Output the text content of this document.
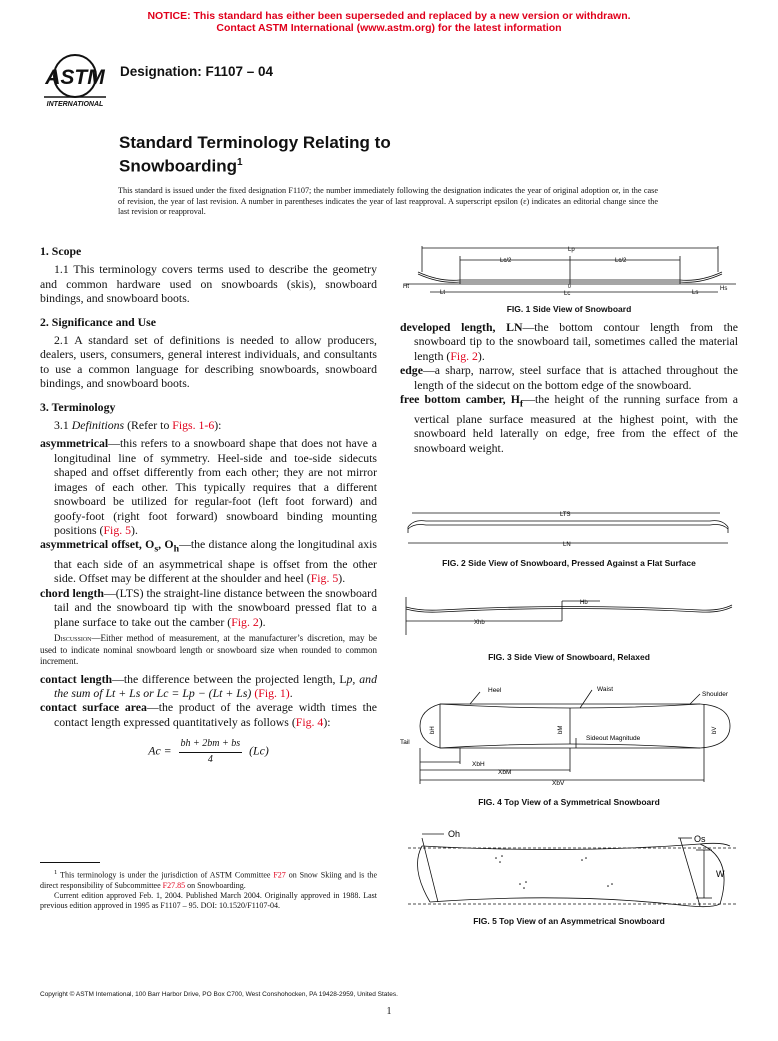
NOTICE: This standard has either been superseded and replaced by a new version or withdrawn.
Contact ASTM International (www.astm.org) for the latest information
ASTM
INTERNATIONAL
Designation: F1107 – 04
Standard Terminology Relating to
Snowboarding$^1$
This standard is issued under the fixed designation F1107; the number immediately following the designation indicates the year of original adoption or, in the case of revision, the year of last revision. A number in parentheses indicates the year of last reapproval. A superscript epsilon (ε) indicates an editorial change since the last revision or reapproval.

1. Scope

1.1 This terminology covers terms used to describe the geometry and common hardware used on snowboards (skis), snowboard bindings, and snowboard boots.

2. Significance and Use

2.1 A standard set of definitions is needed to allow producers, dealers, users, consumers, general interest individuals, and consultants to use a common language for describing snowboards, snowboard bindings, and snowboard boots.

3. Terminology

3.1 Definitions (Refer to Figs. 1-6):

asymmetrical—this refers to a snowboard shape that does not have a longitudinal line of symmetry. Heel-side and toe-side sidecuts shaped and offset differently from each other; they are not mirror images of each other. This typically requires that a different snowboard be utilized for regular-foot (left foot forward) and goofy-foot (right foot forward) snowboard binding mounting positions (Fig. 5).

asymmetrical offset, $O_s$, $O_h—the$ distance along the longitudinal axis that each side of an asymmetrical shape is offset from the other side. Offset may be different at the shoulder and heel (Fig. 5).

chord length—(LTS) the straight-line distance between the snowboard tail and the snowboard tip with the snowboard pressed flat to a plane surface to take out the camber (Fig. 2).

Discussion—Either method of measurement, at the manufacturer’s discretion, may be used to indicate nominal snowboard length or snowboard size when rounded to common increment.

contact length—the difference between the projected length, Lp, and the sum of Lt + Ls or Lc = Lp − (Lt + Ls) (Fig. 1).

contact surface area—the product of the average width times the contact length expressed quantitatively as follows (Fig. 4):

$Ac = \frac{bh + 2bm + bs}{4} (Lc)$
$^1$ This terminology is under the jurisdiction of ASTM Committee F27 on Snow Skiing and is the direct responsibility of Subcommittee F27.85 on Snowboarding.
Current edition approved Feb. 1, 2004. Published March 2004. Originally approved in 1988. Last previous edition approved in 1995 as F1107 – 95. DOI: 10.1520/F1107-04.
Lp
Lc/2	Lc/2
Ht
Lt	Lc	Ls
Hs
0
FIG. 1 Side View of Snowboard

developed length, LN—the bottom contour length from the snowboard tip to the snowboard tail, sometimes called the material length (Fig. 2).

edge—a sharp, narrow, steel surface that is attached throughout the length of the sidecut on the bottom edge of the snowboard.

free bottom camber, $H_f—the$ height of the running surface from a vertical plane surface measured at the highest point, with the snowboard held laterally on edge, free from the effect of the snowboard weight.

LTS
LN
FIG. 2 Side View of Snowboard, Pressed Against a Flat Surface
Hb
Xhb
FIG. 3 Side View of Snowboard, Relaxed
Heel	Waist
Shoulder
Tail
bH	bM	bV
Sideout Magnitude
XbH
XbM
XbV
FIG. 4 Top View of a Symmetrical Snowboard
Oh	Os
W
FIG. 5 Top View of an Asymmetrical Snowboard
Copyright © ASTM International, 100 Barr Harbor Drive, PO Box C700, West Conshohocken, PA 19428-2959, United States.
1
